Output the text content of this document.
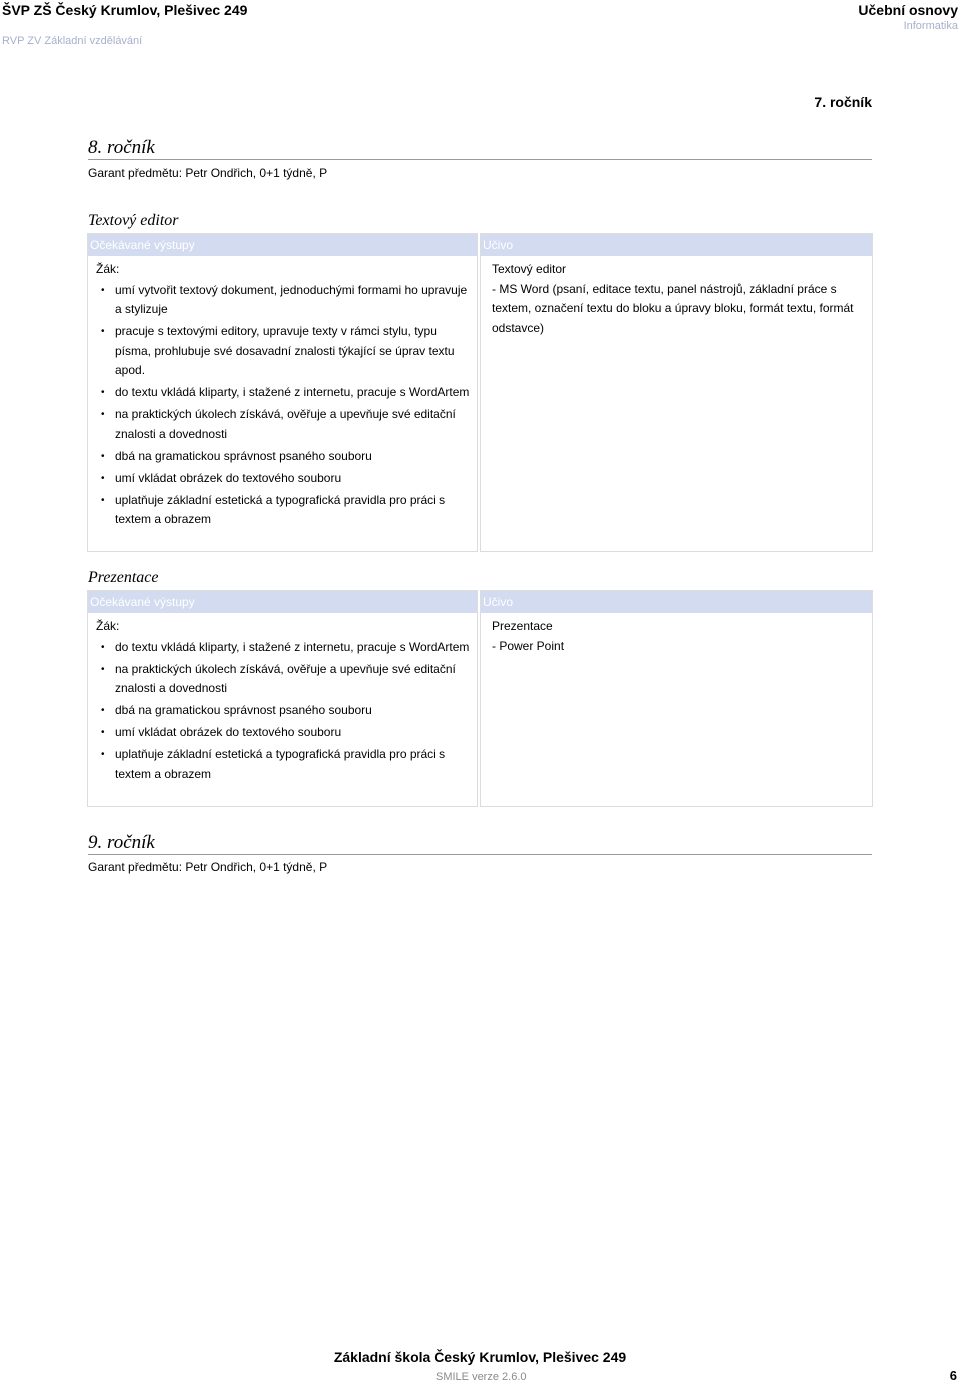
ŠVP ZŠ Český Krumlov, Plešivec 249
RVP ZV Základní vzdělávání
Učební osnovy
Informatika
7. ročník
8. ročník
Garant předmětu: Petr Ondřich, 0+1 týdně, P
Textový editor
Očekávané výstupy
Žák:
• umí vytvořit textový dokument, jednoduchými formami ho upravuje a stylizuje
• pracuje s textovými editory, upravuje texty v rámci stylu, typu písma, prohlubuje své dosavadní znalosti týkající se úprav textu apod.
• do textu vkládá kliparty, i stažené z internetu, pracuje s WordArtem
• na praktických úkolech získává, ověřuje a upevňuje své editační znalosti a dovednosti
• dbá na gramatickou správnost psaného souboru
• umí vkládat obrázek do textového souboru
• uplatňuje základní estetická a typografická pravidla pro práci s textem a obrazem
Učivo
Textový editor
- MS Word (psaní, editace textu, panel nástrojů, základní práce s textem, označení textu do bloku a úpravy bloku, formát textu, formát odstavce)
Prezentace
Očekávané výstupy
Žák:
• do textu vkládá kliparty, i stažené z internetu, pracuje s WordArtem
• na praktických úkolech získává, ověřuje a upevňuje své editační znalosti a dovednosti
• dbá na gramatickou správnost psaného souboru
• umí vkládat obrázek do textového souboru
• uplatňuje základní estetická a typografická pravidla pro práci s textem a obrazem
Učivo
Prezentace
- Power Point
9. ročník
Garant předmětu: Petr Ondřich, 0+1 týdně, P
Základní škola Český Krumlov, Plešivec 249
SMILE verze 2.6.0	6
